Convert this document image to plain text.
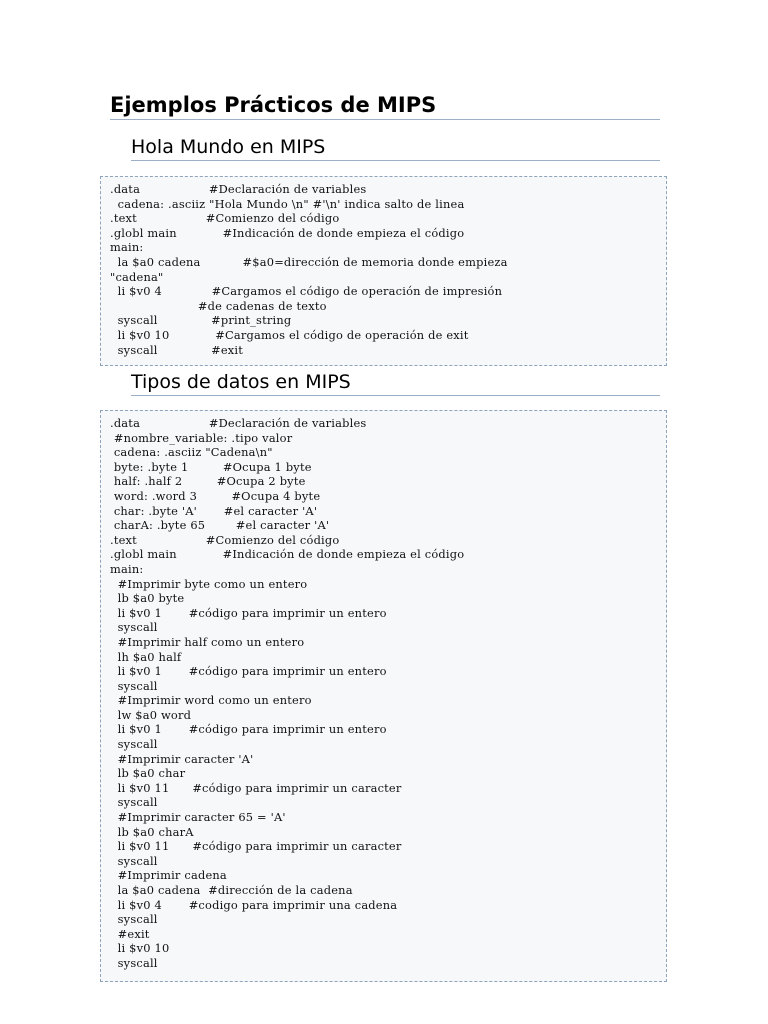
Ejemplos Prácticos de MIPS
Hola Mundo en MIPS
.data                  #Declaración de variables
cadena: .asciiz "Hola Mundo \n" #'\n' indica salto de linea
.text                  #Comienzo del código
.globl main            #Indicación de donde empieza el código
main:
la $a0 cadena           #$a0=dirección de memoria donde empieza
"cadena"
li $v0 4             #Cargamos el código de operación de impresión
#de cadenas de texto
syscall              #print_string
li $v0 10            #Cargamos el código de operación de exit
syscall              #exit
Tipos de datos en MIPS
.data                  #Declaración de variables
#nombre_variable: .tipo valor
cadena: .asciiz "Cadena\n"
byte: .byte 1         #Ocupa 1 byte
half: .half 2         #Ocupa 2 byte
word: .word 3         #Ocupa 4 byte
char: .byte 'A'       #el caracter 'A'
charA: .byte 65        #el caracter 'A'
.text                  #Comienzo del código
.globl main            #Indicación de donde empieza el código
main:
#Imprimir byte como un entero
lb $a0 byte
li $v0 1       #código para imprimir un entero
syscall
#Imprimir half como un entero
lh $a0 half
li $v0 1       #código para imprimir un entero
syscall
#Imprimir word como un entero
lw $a0 word
li $v0 1       #código para imprimir un entero
syscall
#Imprimir caracter 'A'
lb $a0 char
li $v0 11      #código para imprimir un caracter
syscall
#Imprimir caracter 65 = 'A'
lb $a0 charA
li $v0 11      #código para imprimir un caracter
syscall
#Imprimir cadena
la $a0 cadena  #dirección de la cadena
li $v0 4       #codigo para imprimir una cadena
syscall
#exit
li $v0 10
syscall
